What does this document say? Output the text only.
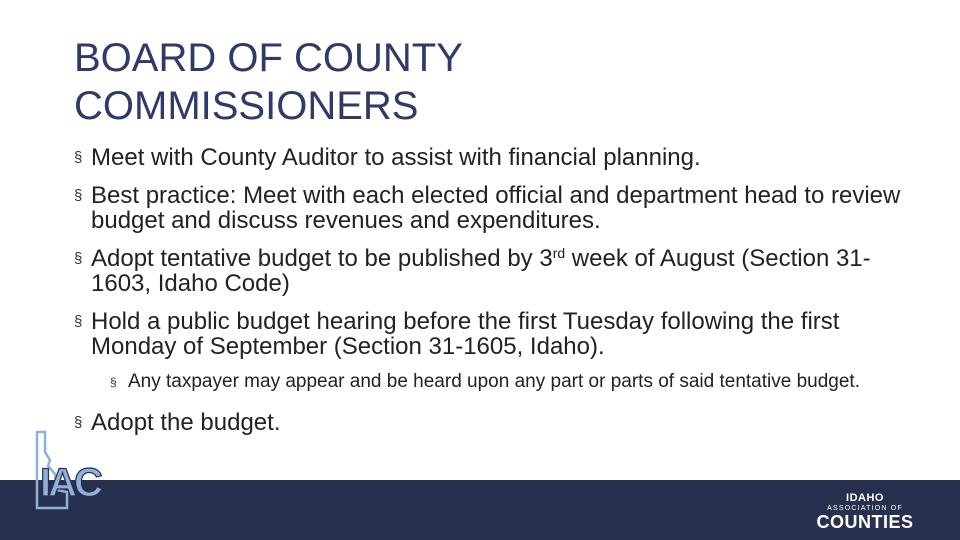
BOARD OF COUNTY
COMMISSIONERS
§ Meet with County Auditor to assist with financial planning.
§ Best practice: Meet with each elected official and department head to review budget and discuss revenues and expenditures.
§ Adopt tentative budget to be published by 3rd week of August (Section 31-1603, Idaho Code)
§ Hold a public budget hearing before the first Tuesday following the first Monday of September (Section 31-1605, Idaho).
§ Any taxpayer may appear and be heard upon any part or parts of said tentative budget.
§ Adopt the budget.
IAC	IDAHO
ASSOCIATION OF
COUNTIES
